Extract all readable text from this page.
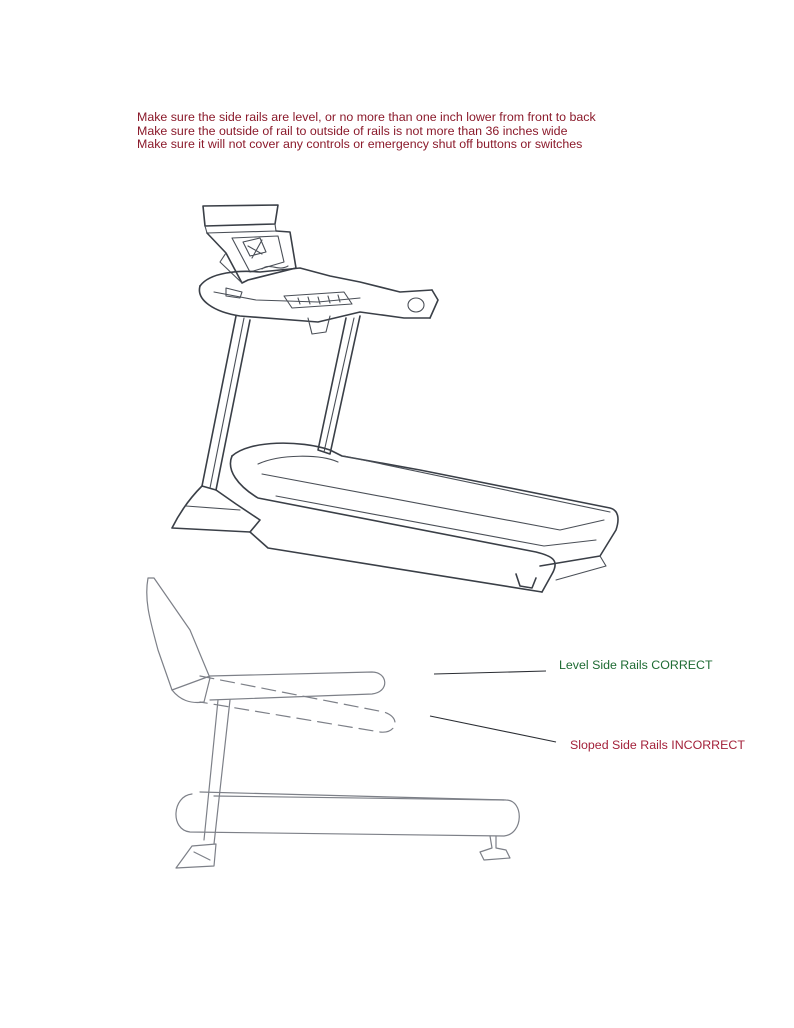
Make sure the side rails are level, or no more than one inch lower from front to back
Make sure the outside of rail to outside of rails is not more than 36 inches wide
Make sure it will not cover any controls or emergency shut off buttons or switches
Level Side Rails CORRECT
Sloped Side Rails INCORRECT
